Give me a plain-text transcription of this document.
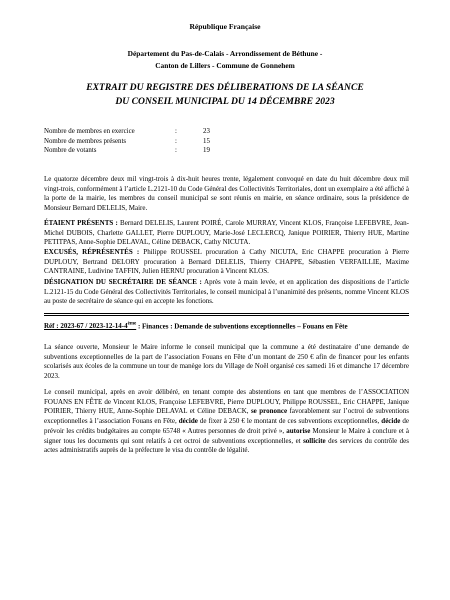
République Française
Département du Pas-de-Calais - Arrondissement de Béthune -
Canton de Lillers - Commune de Gonnehem
EXTRAIT DU REGISTRE DES DÉLIBERATIONS DE LA SÉANCE
DU CONSEIL MUNICIPAL DU 14 DÉCEMBRE 2023
Nombre de membres en exercice	:	23
Nombre de membres présents	:	15
Nombre de votants	:	19
Le quatorze décembre deux mil vingt-trois à dix-huit heures trente, légalement convoqué en date du huit décembre deux mil vingt-trois, conformément à l’article L.2121-10 du Code Général des Collectivités Territoriales, dont un exemplaire a été affiché à la porte de la mairie, les membres du conseil municipal se sont réunis en mairie, en séance ordinaire, sous la présidence de Monsieur Bernard DELELIS, Maire.
ÉTAIENT PRÉSENTS : Bernard DELELIS, Laurent POIRÉ, Carole MURRAY, Vincent KLOS, Françoise LEFEBVRE, Jean-Michel DUBOIS, Charlette GALLET, Pierre DUPLOUY, Marie-José LECLERCQ, Janique POIRIER, Thierry HUE, Martine PETITPAS, Anne-Sophie DELAVAL, Céline DEBACK, Cathy NICUTA.
EXCUSÉS, RÉPRÉSENTÉS : Philippe ROUSSEL procuration à Cathy NICUTA, Eric CHAPPE procuration à Pierre DUPLOUY, Bertrand DELORY procuration à Bernard DELELIS, Thierry CHAPPE, Sébastien VERFAILLIE, Maxime CANTRAINE, Ludivine TAFFIN, Julien HERNU procuration à Vincent KLOS.
DÉSIGNATION DU SECRÉTAIRE DE SÉANCE : Après vote à main levée, et en application des dispositions de l’article L.2121-15 du Code Général des Collectivités Territoriales, le conseil municipal à l’unanimité des présents, nomme Vincent KLOS au poste de secrétaire de séance qui en accepte les fonctions.
Réf : 2023-67 / 2023-12-14-4ème : Finances : Demande de subventions exceptionnelles – Fouans en Fête
La séance ouverte, Monsieur le Maire informe le conseil municipal que la commune a été destinataire d’une demande de subventions exceptionnelles de la part de l’association Fouans en Fête d’un montant de 250 € afin de financer pour les enfants scolarisés aux écoles de la commune un tour de manège lors du Village de Noël organisé ces samedi 16 et dimanche 17 décembre 2023.
Le conseil municipal, après en avoir délibéré, en tenant compte des abstentions en tant que membres de l’ASSOCIATION FOUANS EN FÊTE de Vincent KLOS, Françoise LEFEBVRE, Pierre DUPLOUY, Philippe ROUSSEL, Eric CHAPPE, Janique POIRIER, Thierry HUE, Anne-Sophie DELAVAL et Céline DEBACK, se prononce favorablement sur l’octroi de subventions exceptionnelles à l’association Fouans en Fête, décide de fixer à 250 € le montant de ces subventions exceptionnelles, décide de prévoir les crédits budgétaires au compte 65748 « Autres personnes de droit privé », autorise Monsieur le Maire à conclure et à signer tous les documents qui sont relatifs à cet octroi de subventions exceptionnelles, et sollicite des services du contrôle des actes administratifs auprès de la préfecture le visa du contrôle de légalité.
